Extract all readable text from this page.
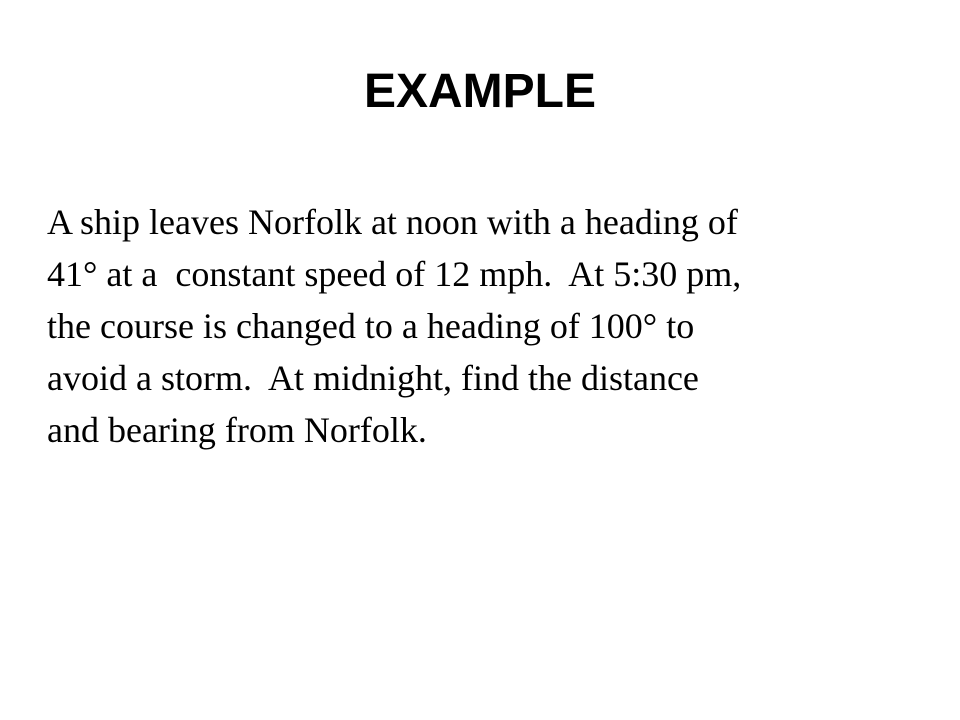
EXAMPLE

A ship leaves Norfolk at noon with a heading of
41° at a  constant speed of 12 mph.  At 5:30 pm,
the course is changed to a heading of 100° to
avoid a storm.  At midnight, find the distance
and bearing from Norfolk.
